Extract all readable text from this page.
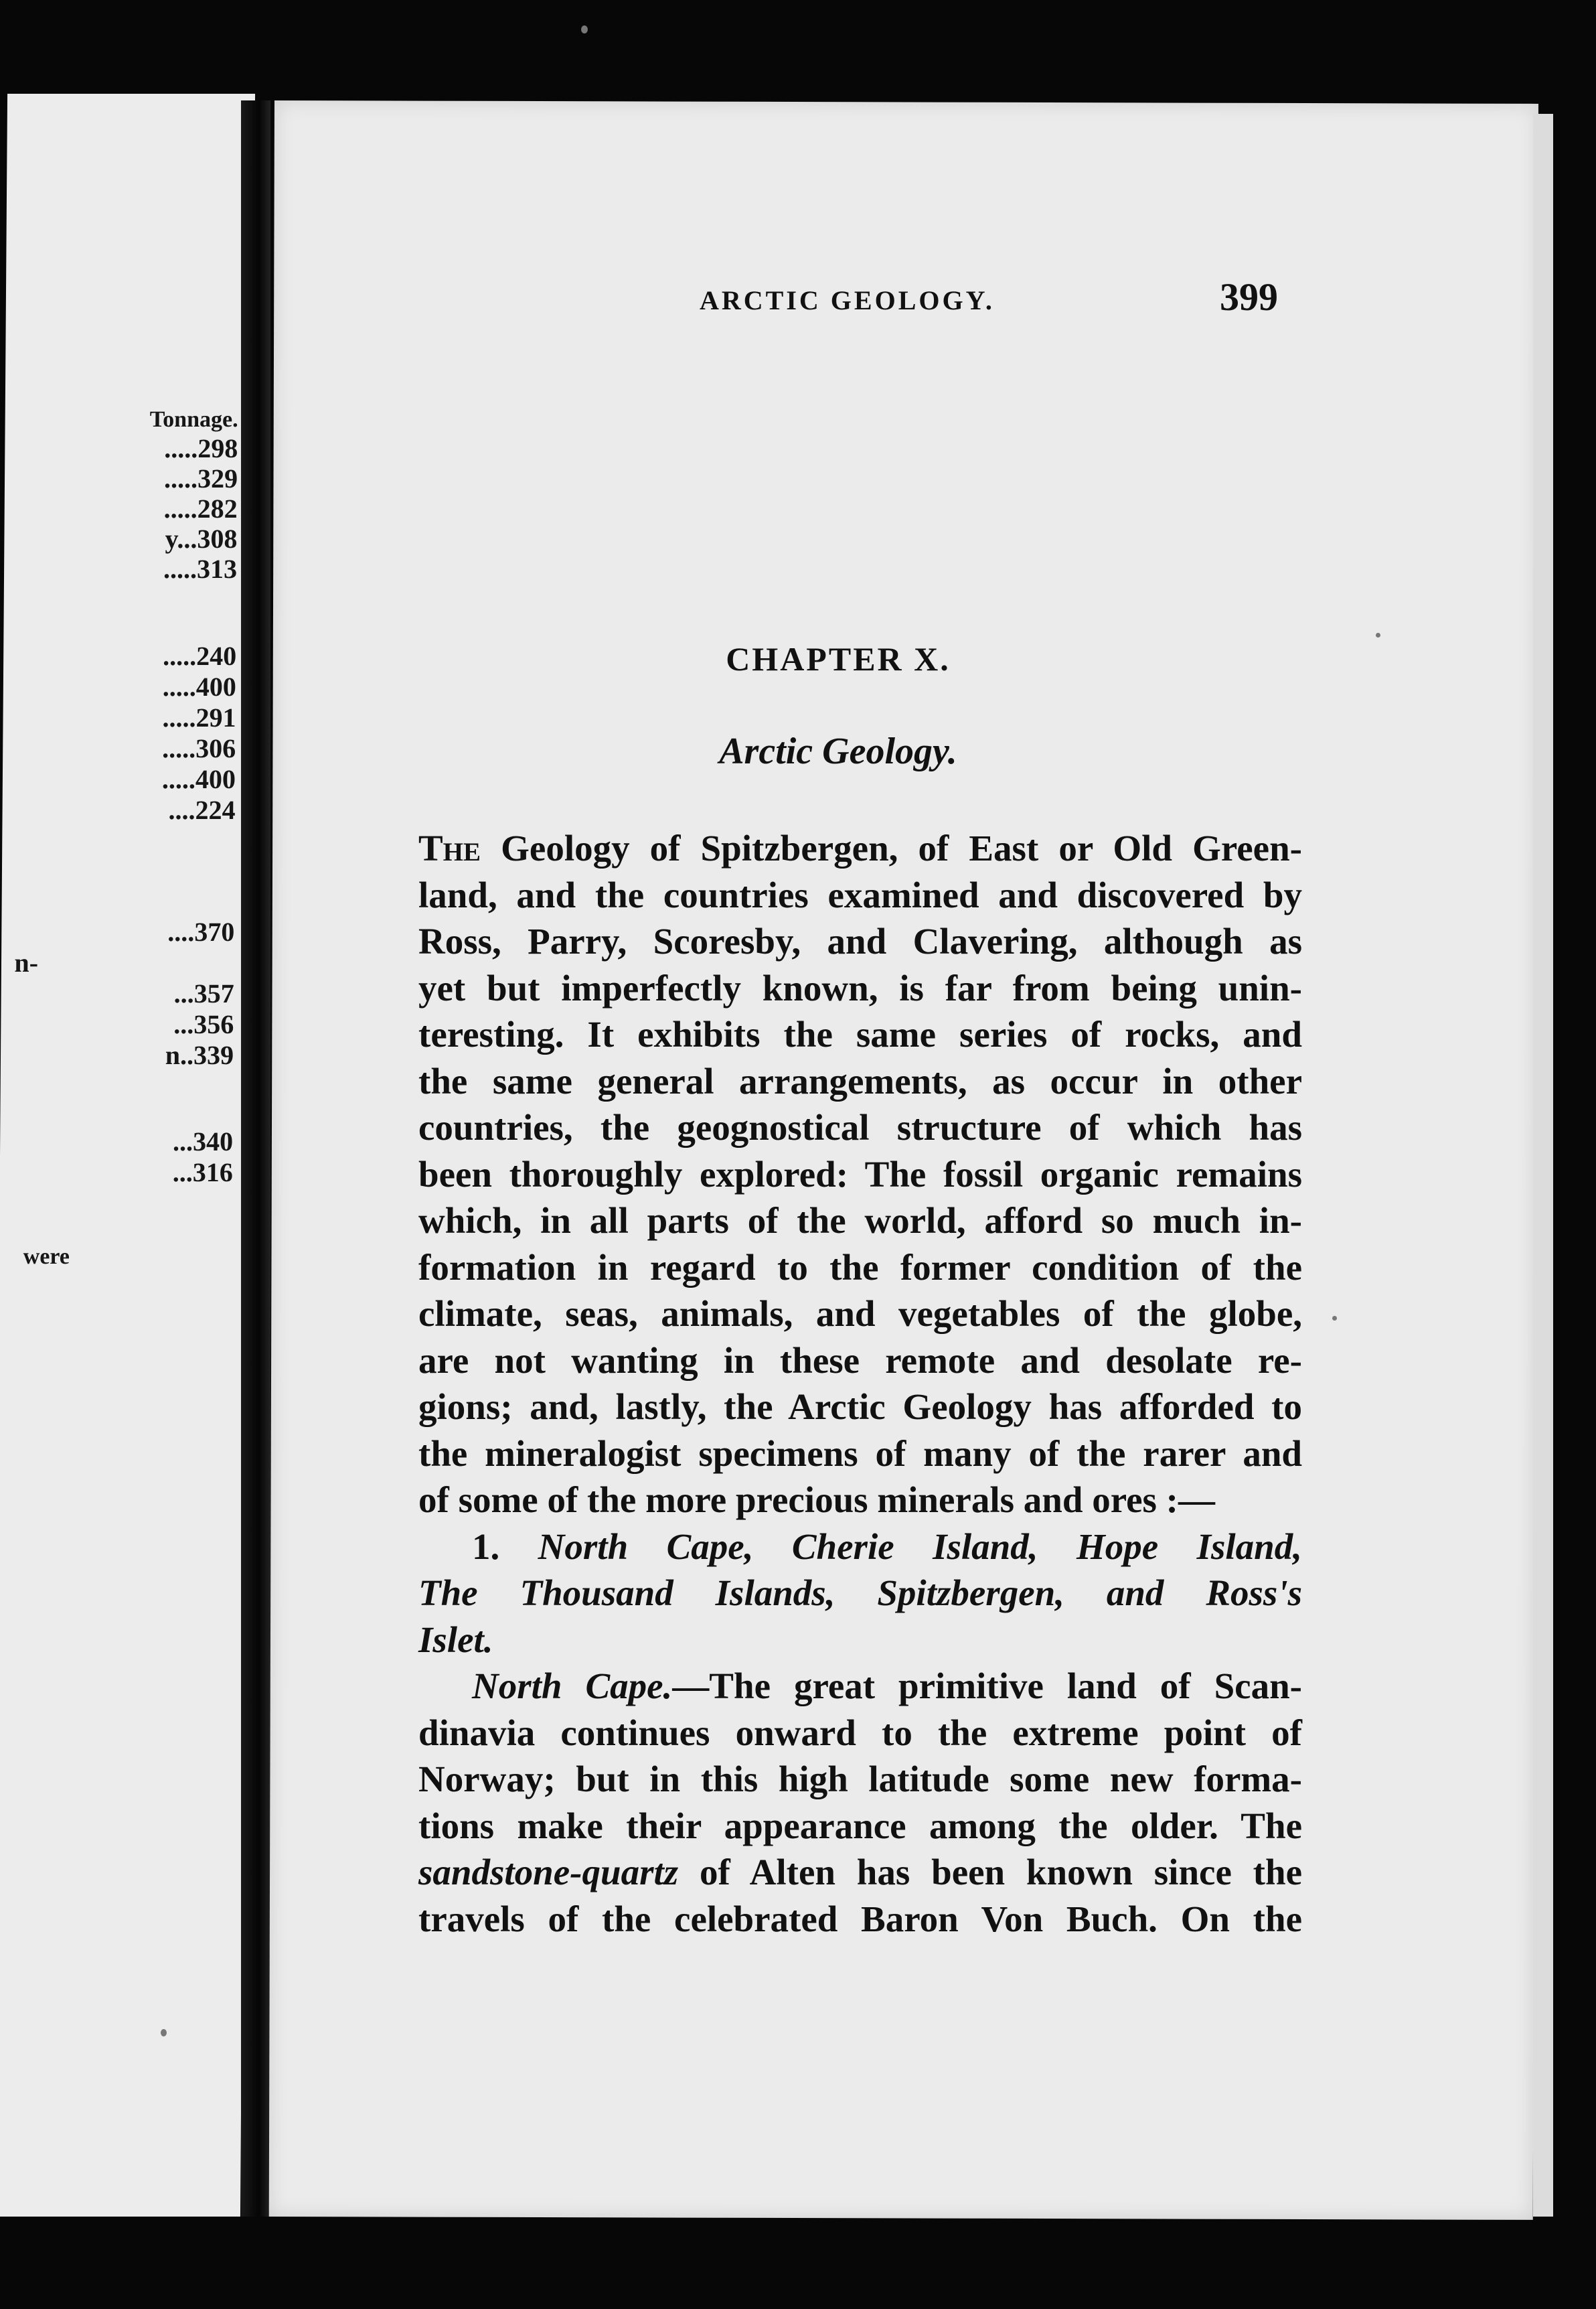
Tonnage.
.....298
.....329
.....282
y...308
.....313
.....240
.....400
.....291
.....306
.....400
....224
....370
n-
...357
...356
n..339
...340
...316
were
ARCTIC GEOLOGY.	399
CHAPTER X.
Arctic Geology.
The Geology of Spitzbergen, of East or Old Green-
land, and the countries examined and discovered by
Ross, Parry, Scoresby, and Clavering, although as
yet but imperfectly known, is far from being unin-
teresting. It exhibits the same series of rocks, and
the same general arrangements, as occur in other
countries, the geognostical structure of which has
been thoroughly explored: The fossil organic remains
which, in all parts of the world, afford so much in-
formation in regard to the former condition of the
climate, seas, animals, and vegetables of the globe,
are not wanting in these remote and desolate re-
gions; and, lastly, the Arctic Geology has afforded to
the mineralogist specimens of many of the rarer and
of some of the more precious minerals and ores :—
1. North Cape, Cherie Island, Hope Island,
The Thousand Islands, Spitzbergen, and Ross's
Islet.
North Cape.—The great primitive land of Scan-
dinavia continues onward to the extreme point of
Norway; but in this high latitude some new forma-
tions make their appearance among the older. The
sandstone-quartz of Alten has been known since the
travels of the celebrated Baron Von Buch. On the
